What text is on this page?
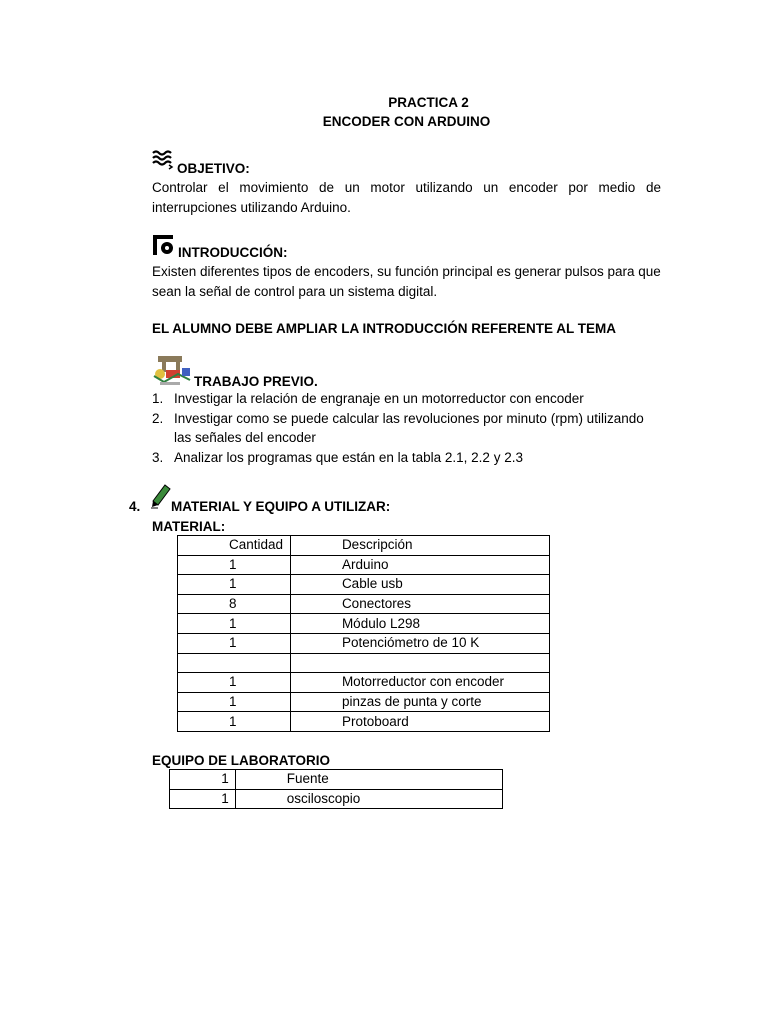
PRACTICA 2
ENCODER CON ARDUINO
OBJETIVO:
Controlar el movimiento de un motor utilizando un encoder por medio de interrupciones utilizando Arduino.
INTRODUCCIÓN:
Existen diferentes tipos de encoders, su función principal es generar pulsos para que sean la señal de control para un sistema digital.
EL ALUMNO DEBE AMPLIAR LA INTRODUCCIÓN REFERENTE AL TEMA
TRABAJO PREVIO.
1. Investigar la relación de engranaje en un motorreductor con encoder
2. Investigar como se puede calcular las revoluciones por minuto (rpm) utilizando las señales del encoder
3. Analizar los programas que están en la tabla 2.1, 2.2 y 2.3
4. MATERIAL Y EQUIPO A UTILIZAR:
MATERIAL:
Cantidad	Descripción
1	Arduino
1	Cable usb
8	Conectores
1	Módulo L298
1	Potenciómetro de 10 K

1	Motorreductor con encoder
1	pinzas de punta y corte
1	Protoboard
EQUIPO DE LABORATORIO
1	Fuente
1	osciloscopio
